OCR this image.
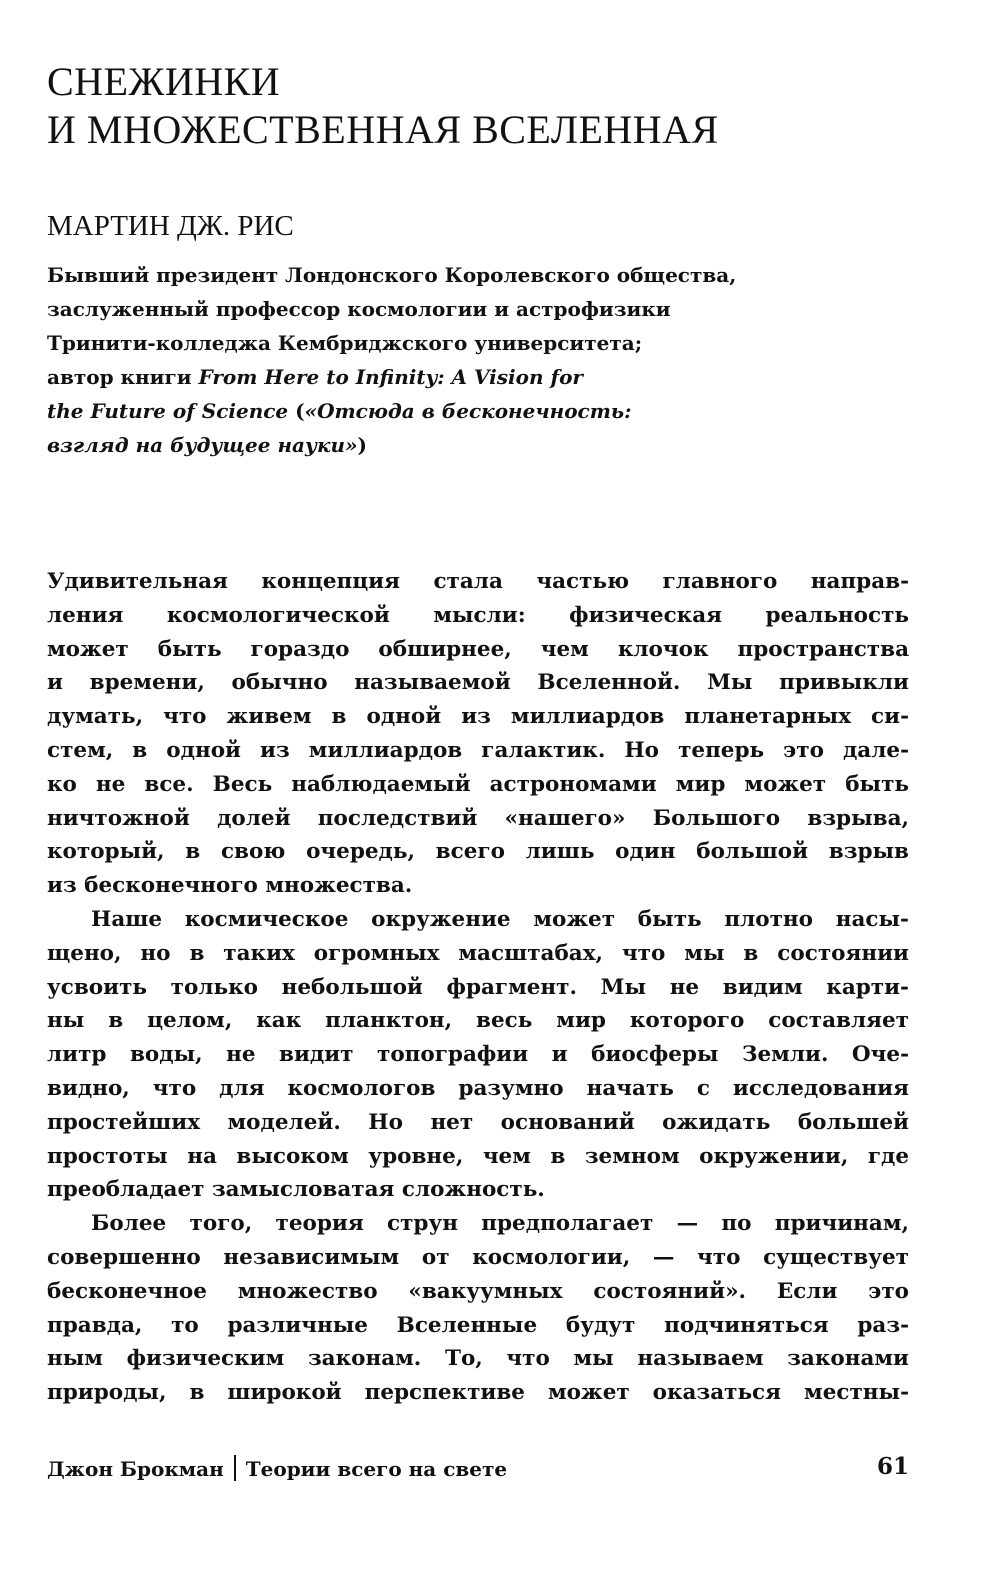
СНЕЖИНКИ
И МНОЖЕСТВЕННАЯ ВСЕЛЕННАЯ
МАРТИН ДЖ. РИС

Бывший президент Лондонского Королевского общества,
заслуженный профессор космологии и астрофизики
Тринити-колледжа Кембриджского университета;
автор книги From Here to Infinity: A Vision for
the Future of Science («Отсюда в бесконечность:
взгляд на будущее науки»)

Удивительная концепция стала частью главного направ-
ления космологической мысли: физическая реальность
может быть гораздо обширнее, чем клочок пространства
и времени, обычно называемой Вселенной. Мы привыкли
думать, что живем в одной из миллиардов планетарных си-
стем, в одной из миллиардов галактик. Но теперь это дале-
ко не все. Весь наблюдаемый астрономами мир может быть
ничтожной долей последствий «нашего» Большого взрыва,
который, в свою очередь, всего лишь один большой взрыв
из бесконечного множества.

Наше космическое окружение может быть плотно насы-
щено, но в таких огромных масштабах, что мы в состоянии
усвоить только небольшой фрагмент. Мы не видим карти-
ны в целом, как планктон, весь мир которого составляет
литр воды, не видит топографии и биосферы Земли. Оче-
видно, что для космологов разумно начать с исследования
простейших моделей. Но нет оснований ожидать большей
простоты на высоком уровне, чем в земном окружении, где
преобладает замысловатая сложность.

Более того, теория струн предполагает — по причинам,
совершенно независимым от космологии, — что существует
бесконечное множество «вакуумных состояний». Если это
правда, то различные Вселенные будут подчиняться раз-
ным физическим законам. То, что мы называем законами
природы, в широкой перспективе может оказаться местны-

Джон Брокман Теории всего на свете	61
